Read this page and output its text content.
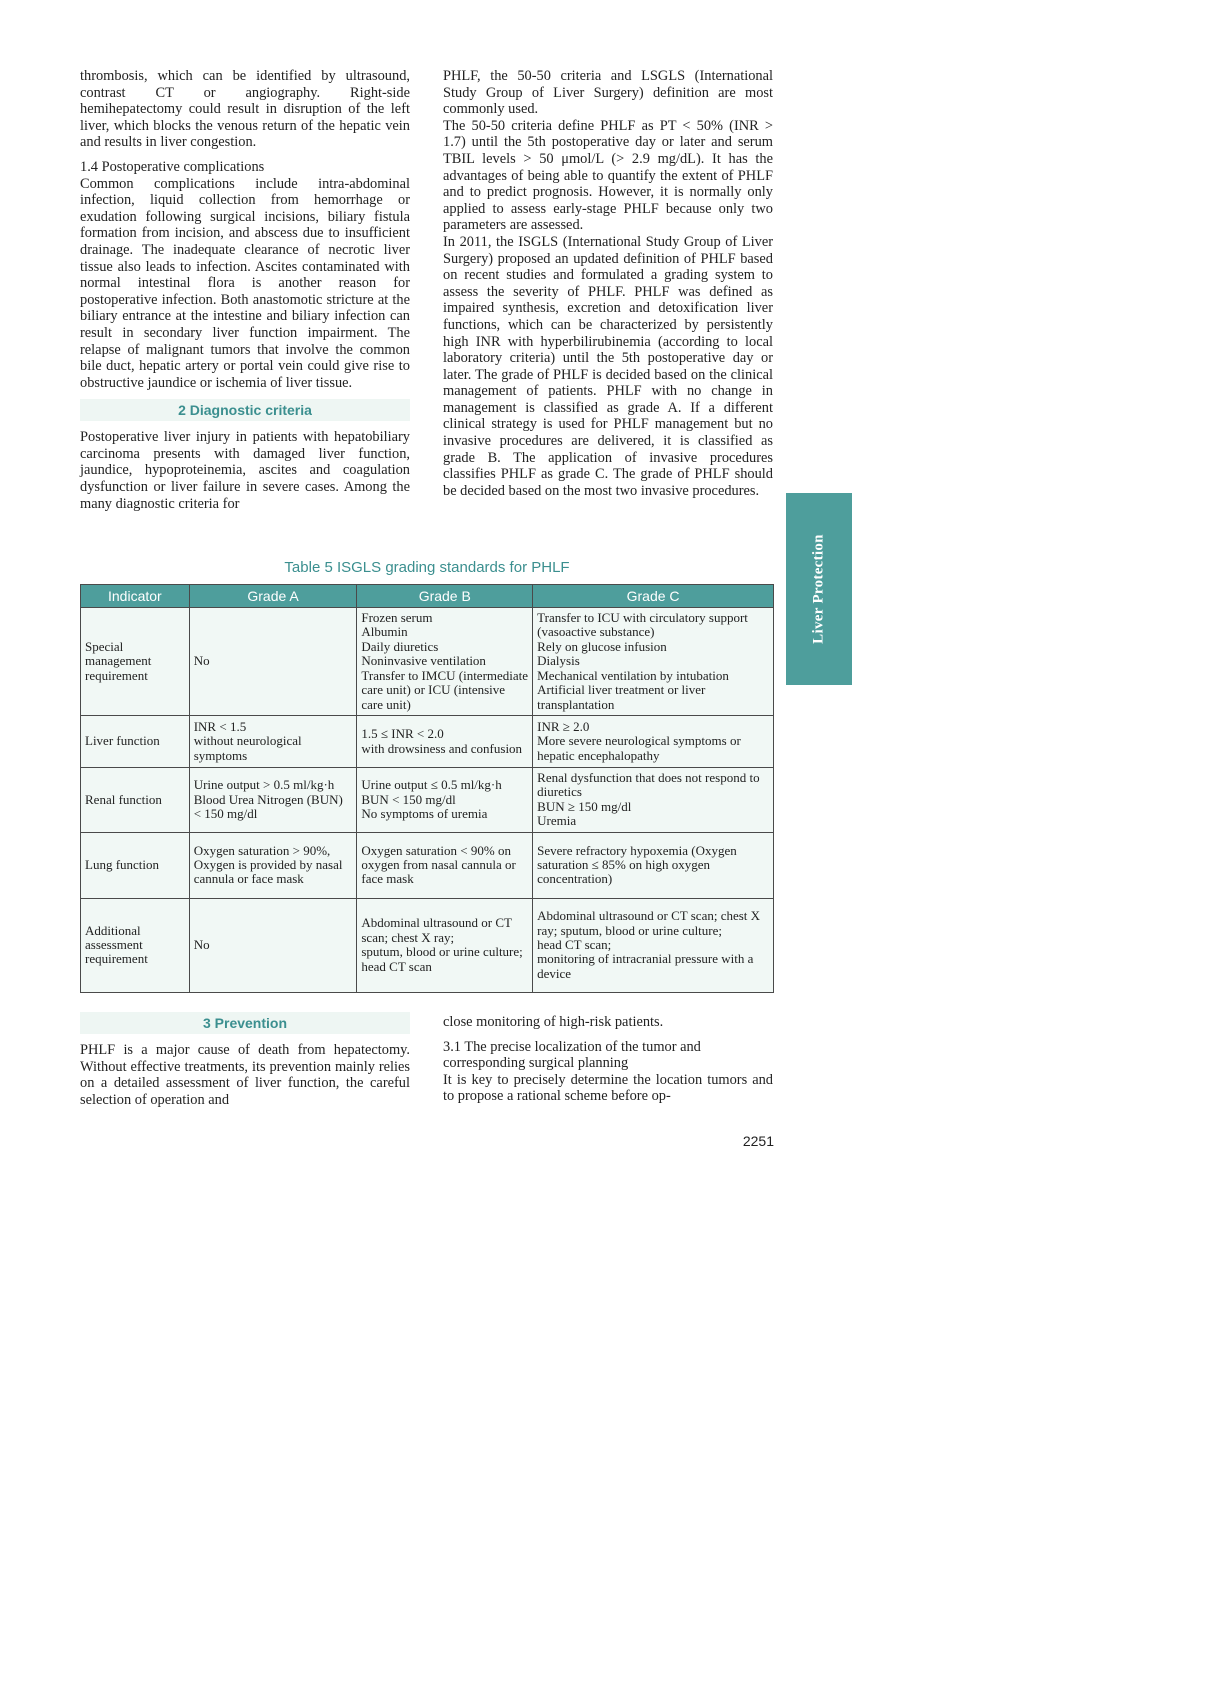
thrombosis, which can be identified by ultrasound, contrast CT or angiography. Right-side hemihepatectomy could result in disruption of the left liver, which blocks the venous return of the hepatic vein and results in liver congestion.

1.4 Postoperative complications

Common complications include intra-abdominal infection, liquid collection from hemorrhage or exudation following surgical incisions, biliary fistula formation from incision, and abscess due to insufficient drainage. The inadequate clearance of necrotic liver tissue also leads to infection. Ascites contaminated with normal intestinal flora is another reason for postoperative infection. Both anastomotic stricture at the biliary entrance at the intestine and biliary infection can result in secondary liver function impairment. The relapse of malignant tumors that involve the common bile duct, hepatic artery or portal vein could give rise to obstructive jaundice or ischemia of liver tissue.

2 Diagnostic criteria

Postoperative liver injury in patients with hepatobiliary carcinoma presents with damaged liver function, jaundice, hypoproteinemia, ascites and coagulation dysfunction or liver failure in severe cases. Among the many diagnostic criteria for

PHLF, the 50-50 criteria and LSGLS (International Study Group of Liver Surgery) definition are most commonly used.

The 50-50 criteria define PHLF as PT < 50% (INR > 1.7) until the 5th postoperative day or later and serum TBIL levels > 50 μmol/L (> 2.9 mg/dL). It has the advantages of being able to quantify the extent of PHLF and to predict prognosis. However, it is normally only applied to assess early-stage PHLF because only two parameters are assessed.

In 2011, the ISGLS (International Study Group of Liver Surgery) proposed an updated definition of PHLF based on recent studies and formulated a grading system to assess the severity of PHLF. PHLF was defined as impaired synthesis, excretion and detoxification liver functions, which can be characterized by persistently high INR with hyperbilirubinemia (according to local laboratory criteria) until the 5th postoperative day or later. The grade of PHLF is decided based on the clinical management of patients. PHLF with no change in management is classified as grade A. If a different clinical strategy is used for PHLF management but no invasive procedures are delivered, it is classified as grade B. The application of invasive procedures classifies PHLF as grade C. The grade of PHLF should be decided based on the most two invasive procedures.

Liver Protection
Table 5 ISGLS grading standards for PHLF
Indicator	Grade A	Grade B	Grade C

Special management requirement	No	Frozen serum
Albumin
Daily diuretics
Noninvasive ventilation
Transfer to IMCU (intermediate care unit) or ICU (intensive care unit)	Transfer to ICU with circulatory support (vasoactive substance)
Rely on glucose infusion
Dialysis
Mechanical ventilation by intubation
Artificial liver treatment or liver transplantation

Liver function	INR < 1.5
without neurological symptoms	1.5 ≤ INR < 2.0
with drowsiness and confusion	INR ≥ 2.0
More severe neurological symptoms or hepatic encephalopathy

Renal function	Urine output > 0.5 ml/kg·h
Blood Urea Nitrogen (BUN) < 150 mg/dl	Urine output ≤ 0.5 ml/kg·h
BUN < 150 mg/dl
No symptoms of uremia	Renal dysfunction that does not respond to diuretics
BUN ≥ 150 mg/dl
Uremia

Lung function	Oxygen saturation > 90%, Oxygen is provided by nasal cannula or face mask	Oxygen saturation < 90% on oxygen from nasal cannula or face mask	Severe refractory hypoxemia (Oxygen saturation ≤ 85% on high oxygen concentration)

Additional assessment requirement	No	Abdominal ultrasound or CT scan; chest X ray;
sputum, blood or urine culture;
head CT scan	Abdominal ultrasound or CT scan; chest X ray; sputum, blood or urine culture;
head CT scan;
monitoring of intracranial pressure with a device
3 Prevention

PHLF is a major cause of death from hepatectomy. Without effective treatments, its prevention mainly relies on a detailed assessment of liver function, the careful selection of operation and

close monitoring of high-risk patients.

3.1 The precise localization of the tumor and corresponding surgical planning

It is key to precisely determine the location tumors and to propose a rational scheme before op-

2251
